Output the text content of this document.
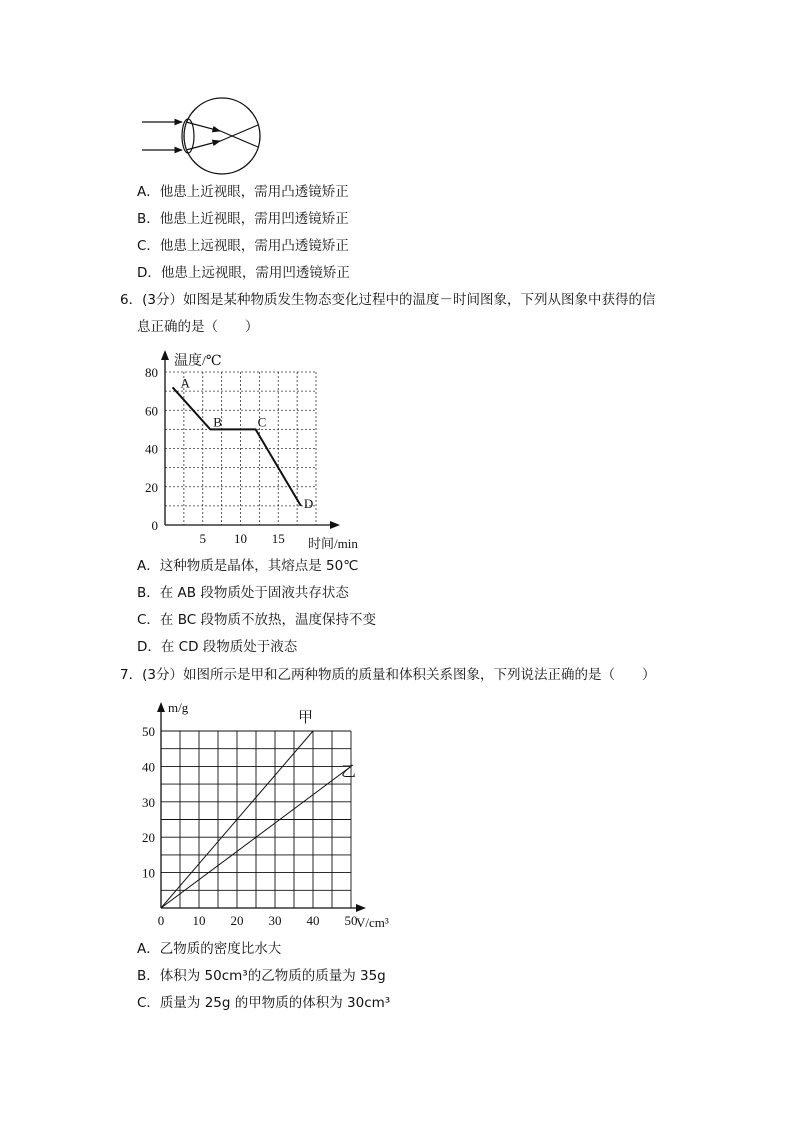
A．他患上近视眼，需用凸透镜矫正
B．他患上近视眼，需用凹透镜矫正
C．他患上远视眼，需用凸透镜矫正
D．他患上远视眼，需用凹透镜矫正
6．(3分）如图是某种物质发生物态变化过程中的温度－时间图象，下列从图象中获得的信
息正确的是（　　）
0
20
40
60
80
5 10 15
温度/℃
时间/min
A
B	C
D
A．这种物质是晶体，其熔点是 50℃
B．在 AB 段物质处于固液共存状态
C．在 BC 段物质不放热，温度保持不变
D．在 CD 段物质处于液态
7．(3分）如图所示是甲和乙两种物质的质量和体积关系图象，下列说法正确的是（　　）
10
20
30
40
50
0 10 20 30 40 50
m/g
V/cm³
甲
乙
A．乙物质的密度比水大
B．体积为 50cm³的乙物质的质量为 35g
C．质量为 25g 的甲物质的体积为 30cm³
